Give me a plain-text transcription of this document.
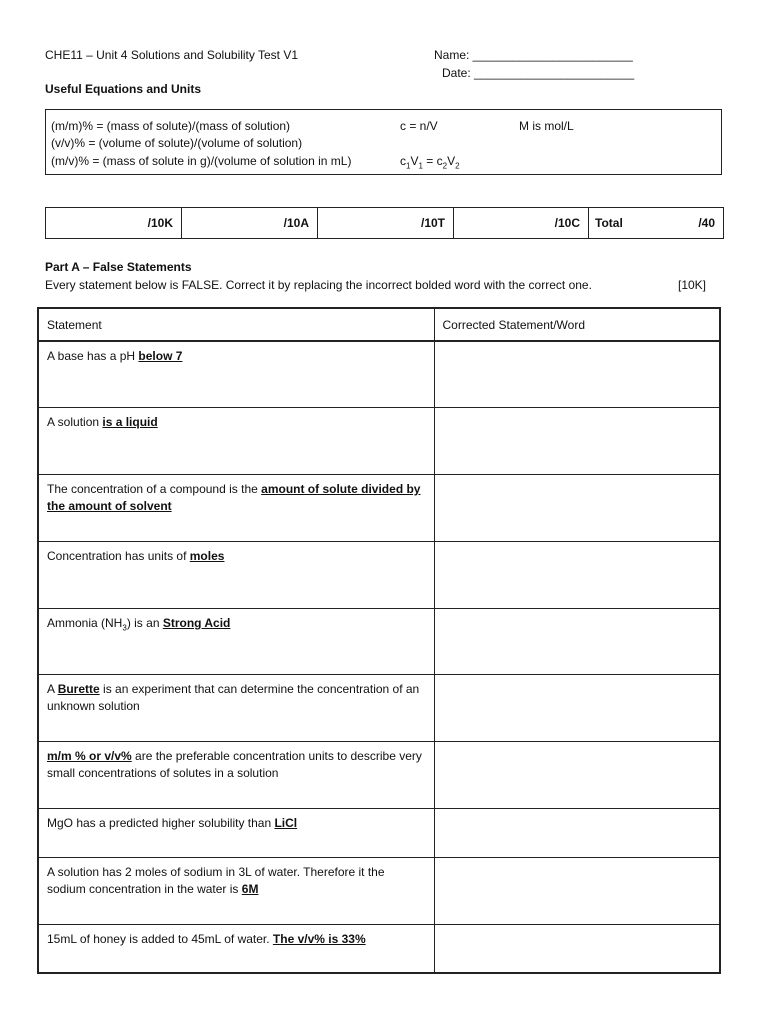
CHE11 – Unit 4 Solutions and Solubility Test V1	Name: ________________________
Date: ________________________
Useful Equations and Units
(m/m)% = (mass of solute)/(mass of solution)
(v/v)% = (volume of solute)/(volume of solution)
(m/v)% = (mass of solute in g)/(volume of solution in mL)
c = n/V	M is mol/L
$c_1V_1 = c_2V_2$
/10K	/10A	/10T	/10C Total	/40
Part A – False Statements
Every statement below is FALSE. Correct it by replacing the incorrect bolded word with the correct one.	[10K]
Statement	Corrected Statement/Word
A base has a pH below 7	
A solution is a liquid	
The concentration of a compound is the amount of solute divided by the amount of solvent	
Concentration has units of moles	
Ammonia $(NH_3)$ is an Strong Acid	
A Burette is an experiment that can determine the concentration of an unknown solution	
m/m % or v/v% are the preferable concentration units to describe very small concentrations of solutes in a solution	
MgO has a predicted higher solubility than LiCl	
A solution has 2 moles of sodium in 3L of water. Therefore it the sodium concentration in the water is 6M	
15mL of honey is added to 45mL of water. The v/v% is 33%	
